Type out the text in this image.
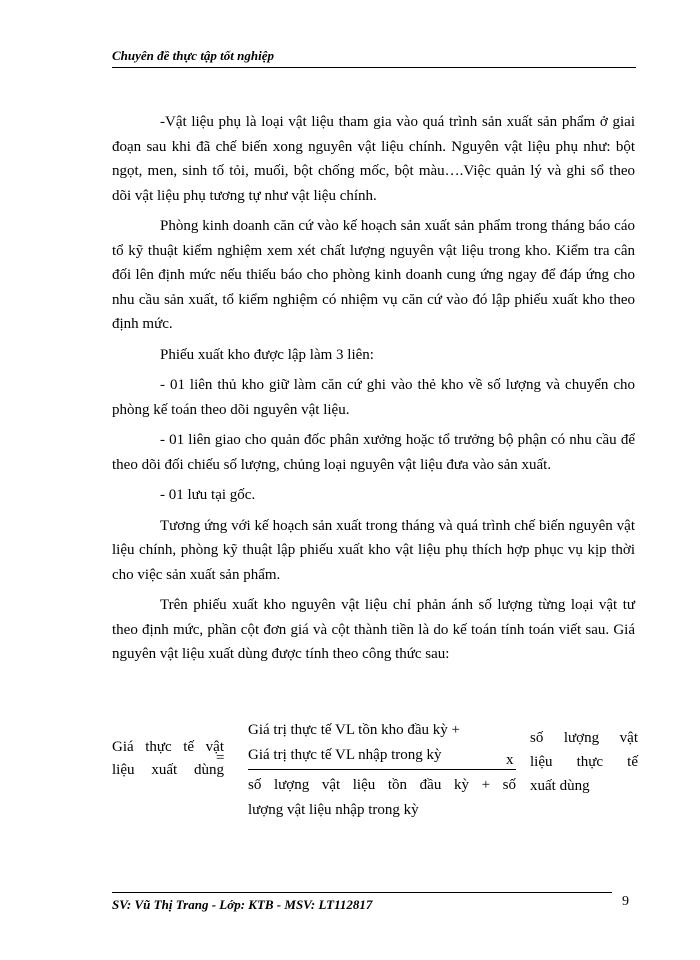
Chuyên đề thực tập tốt nghiệp

-Vật liệu phụ là loại vật liệu tham gia vào quá trình sản xuất sản phẩm ở giai đoạn sau khi đã chế biến xong nguyên vật liệu chính. Nguyên vật liệu phụ như: bột ngọt, men, sinh tố tỏi, muối, bột chống mốc, bột màu….Việc quản lý và ghi sổ theo dõi vật liệu phụ tương tự như vật liệu chính.

Phòng kinh doanh căn cứ vào kế hoạch sản xuất sản phẩm trong tháng báo cáo tổ kỹ thuật kiểm nghiệm xem xét chất lượng nguyên vật liệu trong kho. Kiểm tra cân đối lên định mức nếu thiếu báo cho phòng kinh doanh cung ứng ngay để đáp ứng cho nhu cầu sản xuất, tổ kiểm nghiệm có nhiệm vụ căn cứ vào đó lập phiếu xuất kho theo định mức.

Phiếu xuất kho được lập làm 3 liên:

- 01 liên thủ kho giữ làm căn cứ ghi vào thẻ kho về số lượng và chuyển cho phòng kế toán theo dõi nguyên vật liệu.

- 01 liên giao cho quản đốc phân xưởng hoặc tổ trưởng bộ phận có nhu cầu để theo dõi đối chiếu số lượng, chủng loại nguyên vật liệu đưa vào sản xuất.

- 01 lưu tại gốc.

Tương ứng với kế hoạch sản xuất trong tháng và quá trình chế biến nguyên vật liệu chính, phòng kỹ thuật lập phiếu xuất kho vật liệu phụ thích hợp phục vụ kịp thời cho việc sản xuất sản phẩm.

Trên phiếu xuất kho nguyên vật liệu chỉ phản ánh số lượng từng loại vật tư theo định mức, phần cột đơn giá và cột thành tiền là do kế toán tính toán viết sau. Giá nguyên vật liệu xuất dùng được tính theo công thức sau:

Giá thực tế vật
liệu xuất dùng
=
Giá trị thực tế VL tồn kho đầu kỳ +
Giá trị thực tế VL nhập trong kỳ
số lượng vật liệu tồn đầu kỳ + số
lượng vật liệu nhập trong kỳ
x
số lượng vật
liệu thực tế
xuất dùng
SV: Vũ Thị Trang - Lớp: KTB - MSV: LT112817	9
